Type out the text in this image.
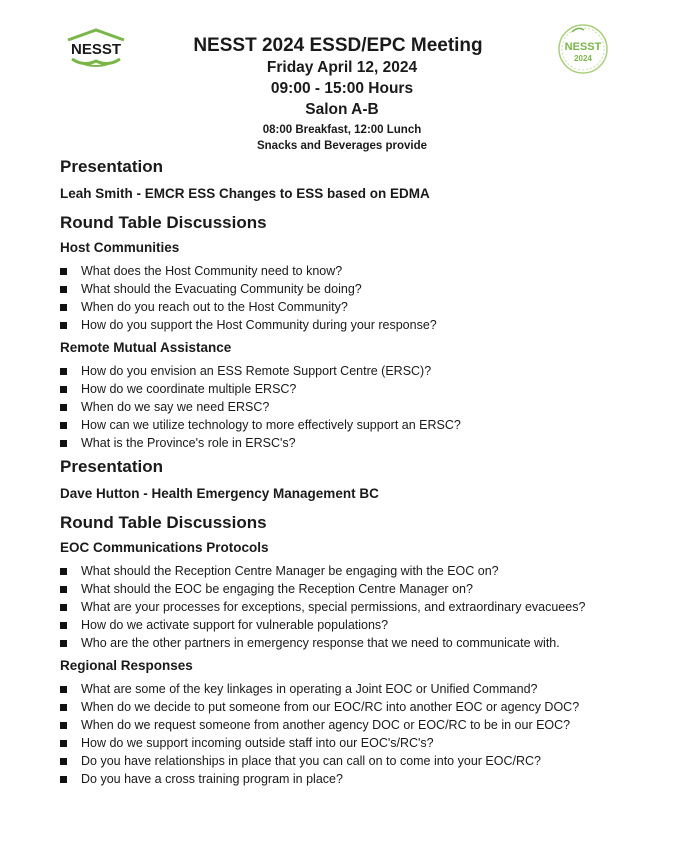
NESST	NESST
2024
NESST 2024 ESSD/EPC Meeting
Friday April 12, 2024
09:00 - 15:00 Hours
Salon A-B
08:00 Breakfast, 12:00 Lunch
Snacks and Beverages provide
Presentation
Leah Smith - EMCR ESS Changes to ESS based on EDMA
Round Table Discussions
Host Communities
What does the Host Community need to know?
What should the Evacuating Community be doing?
When do you reach out to the Host Community?
How do you support the Host Community during your response?
Remote Mutual Assistance
How do you envision an ESS Remote Support Centre (ERSC)?
How do we coordinate multiple ERSC?
When do we say we need ERSC?
How can we utilize technology to more effectively support an ERSC?
What is the Province's role in ERSC's?
Presentation
Dave Hutton - Health Emergency Management BC
Round Table Discussions
EOC Communications Protocols
What should the Reception Centre Manager be engaging with the EOC on?
What should the EOC be engaging the Reception Centre Manager on?
What are your processes for exceptions, special permissions, and extraordinary evacuees?
How do we activate support for vulnerable populations?
Who are the other partners in emergency response that we need to communicate with.
Regional Responses
What are some of the key linkages in operating a Joint EOC or Unified Command?
When do we decide to put someone from our EOC/RC into another EOC or agency DOC?
When do we request someone from another agency DOC or EOC/RC to be in our EOC?
How do we support incoming outside staff into our EOC's/RC's?
Do you have relationships in place that you can call on to come into your EOC/RC?
Do you have a cross training program in place?
